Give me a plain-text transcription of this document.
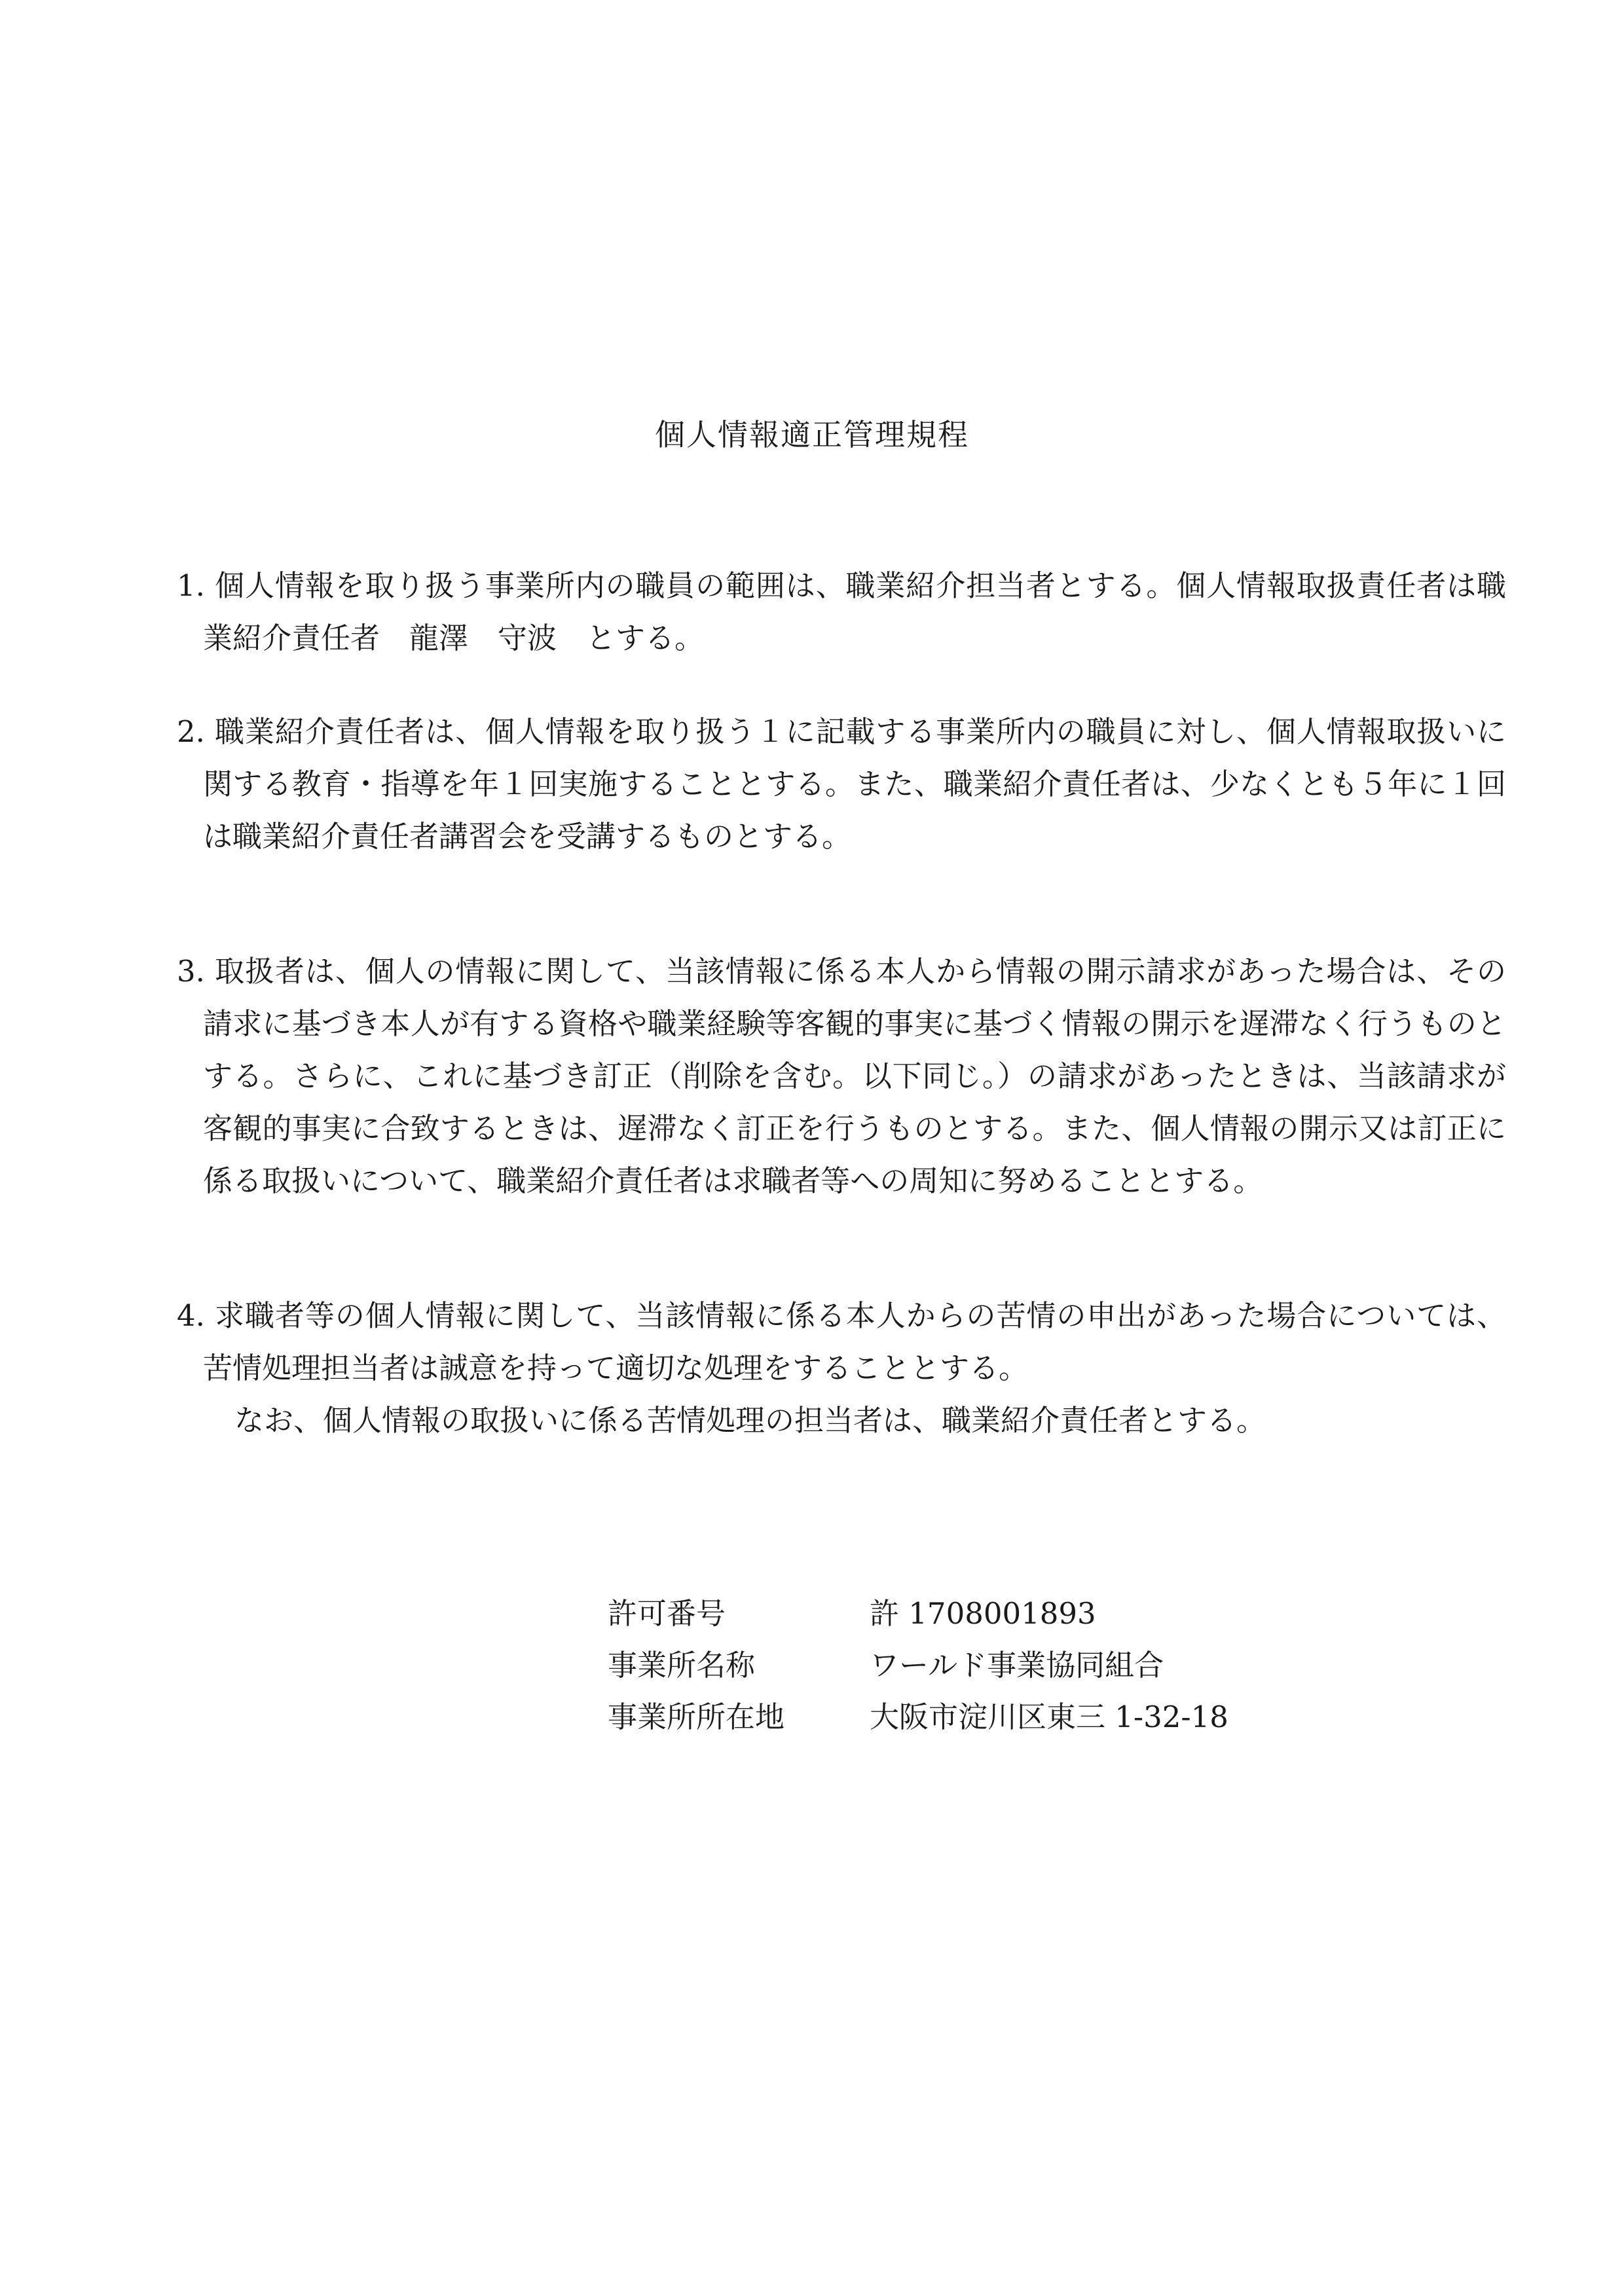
個人情報適正管理規程
1. 個人情報を取り扱う事業所内の職員の範囲は、職業紹介担当者とする。個人情報取扱責任者は職業紹介責任者　龍澤　守波　とする。
2. 職業紹介責任者は、個人情報を取り扱う１に記載する事業所内の職員に対し、個人情報取扱いに関する教育・指導を年１回実施することとする。また、職業紹介責任者は、少なくとも５年に１回は職業紹介責任者講習会を受講するものとする。
3. 取扱者は、個人の情報に関して、当該情報に係る本人から情報の開示請求があった場合は、その請求に基づき本人が有する資格や職業経験等客観的事実に基づく情報の開示を遅滞なく行うものとする。さらに、これに基づき訂正（削除を含む。以下同じ。）の請求があったときは、当該請求が客観的事実に合致するときは、遅滞なく訂正を行うものとする。また、個人情報の開示又は訂正に係る取扱いについて、職業紹介責任者は求職者等への周知に努めることとする。
4. 求職者等の個人情報に関して、当該情報に係る本人からの苦情の申出があった場合については、苦情処理担当者は誠意を持って適切な処理をすることとする。
なお、個人情報の取扱いに係る苦情処理の担当者は、職業紹介責任者とする。
許可番号	許 1708001893
事業所名称	ワールド事業協同組合
事業所所在地	大阪市淀川区東三 1-32-18
